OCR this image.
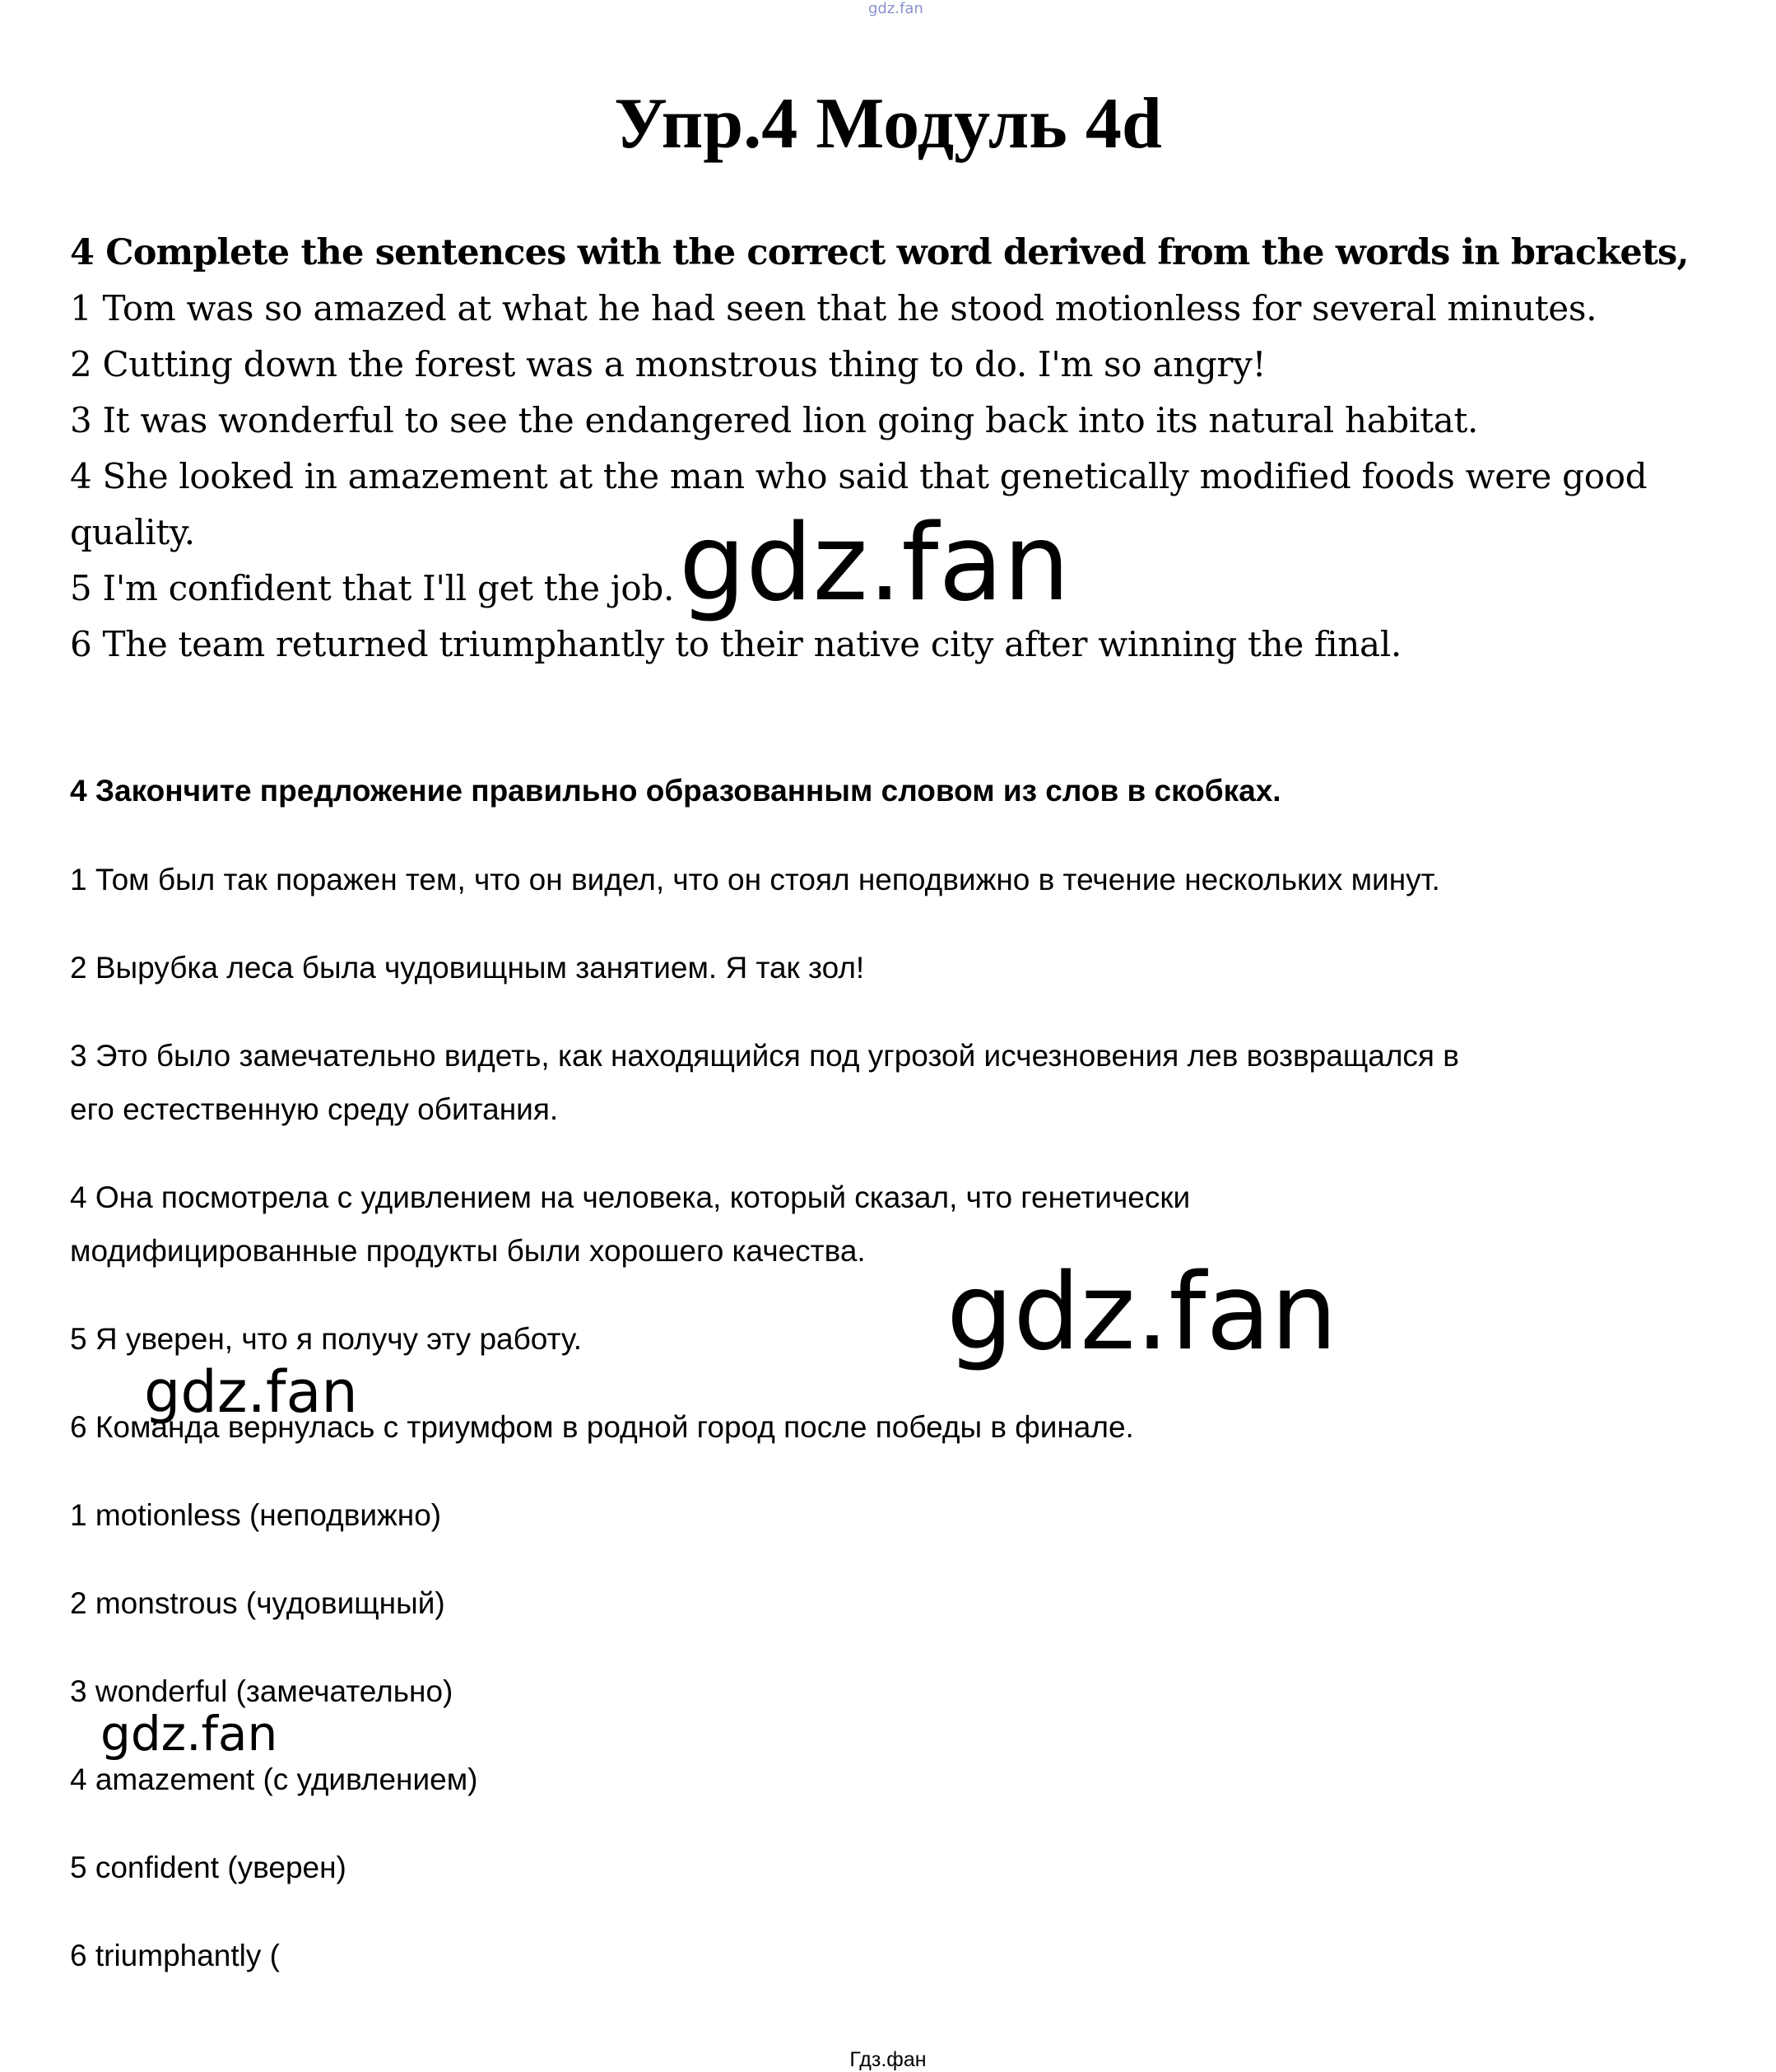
gdz.fan
Упр.4 Модуль 4d
4 Complete the sentences with the correct word derived from the words in brackets,
1 Tom was so amazed at what he had seen that he stood motionless for several minutes.
2 Cutting down the forest was a monstrous thing to do. I'm so angry!
3 It was wonderful to see the endangered lion going back into its natural habitat.
4 She looked in amazement at the man who said that genetically modified foods were good
quality.
5 I'm confident that I'll get the job.
6 The team returned triumphantly to their native city after winning the final.
4 Закончите предложение правильно образованным словом из слов в скобках.
1 Том был так поражен тем, что он видел, что он стоял неподвижно в течение нескольких минут.
2 Вырубка леса была чудовищным занятием. Я так зол!
3 Это было замечательно видеть, как находящийся под угрозой исчезновения лев возвращался в
его естественную среду обитания.
4 Она посмотрела с удивлением на человека, который сказал, что генетически
модифицированные продукты были хорошего качества.
5 Я уверен, что я получу эту работу.
6 Команда вернулась с триумфом в родной город после победы в финале.
1 motionless (неподвижно)
2 monstrous (чудовищный)
3 wonderful (замечательно)
4 amazement (с удивлением)
5 confident (уверен)
6 triumphantly (
gdz.fan
gdz.fan
gdz.fan
gdz.fan
Гдз.фан
